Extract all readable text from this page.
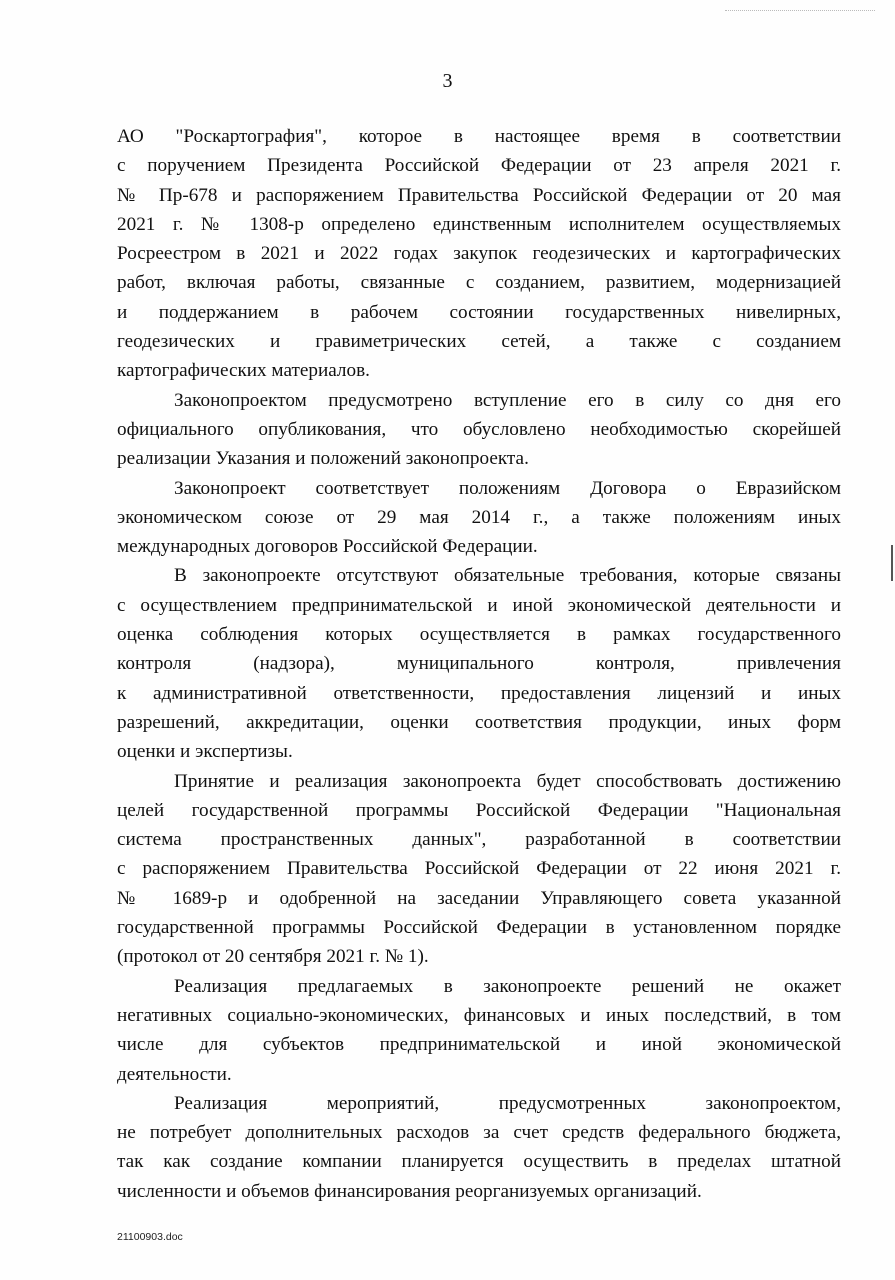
3
АО "Роскартография", которое в настоящее время в соответствии
с поручением Президента Российской Федерации от 23 апреля 2021 г.
№ Пр-678 и распоряжением Правительства Российской Федерации от 20 мая
2021 г. № 1308-р определено единственным исполнителем осуществляемых
Росреестром в 2021 и 2022 годах закупок геодезических и картографических
работ, включая работы, связанные с созданием, развитием, модернизацией
и поддержанием в рабочем состоянии государственных нивелирных,
геодезических и гравиметрических сетей, а также с созданием
картографических материалов.
Законопроектом предусмотрено вступление его в силу со дня его
официального опубликования, что обусловлено необходимостью скорейшей
реализации Указания и положений законопроекта.
Законопроект соответствует положениям Договора о Евразийском
экономическом союзе от 29 мая 2014 г., а также положениям иных
международных договоров Российской Федерации.
В законопроекте отсутствуют обязательные требования, которые связаны
с осуществлением предпринимательской и иной экономической деятельности и
оценка соблюдения которых осуществляется в рамках государственного
контроля (надзора), муниципального контроля, привлечения
к административной ответственности, предоставления лицензий и иных
разрешений, аккредитации, оценки соответствия продукции, иных форм
оценки и экспертизы.
Принятие и реализация законопроекта будет способствовать достижению
целей государственной программы Российской Федерации "Национальная
система пространственных данных", разработанной в соответствии
с распоряжением Правительства Российской Федерации от 22 июня 2021 г.
№ 1689-р и одобренной на заседании Управляющего совета указанной
государственной программы Российской Федерации в установленном порядке
(протокол от 20 сентября 2021 г. № 1).
Реализация предлагаемых в законопроекте решений не окажет
негативных социально-экономических, финансовых и иных последствий, в том
числе для субъектов предпринимательской и иной экономической
деятельности.
Реализация мероприятий, предусмотренных законопроектом,
не потребует дополнительных расходов за счет средств федерального бюджета,
так как создание компании планируется осуществить в пределах штатной
численности и объемов финансирования реорганизуемых организаций.
21100903.doc
